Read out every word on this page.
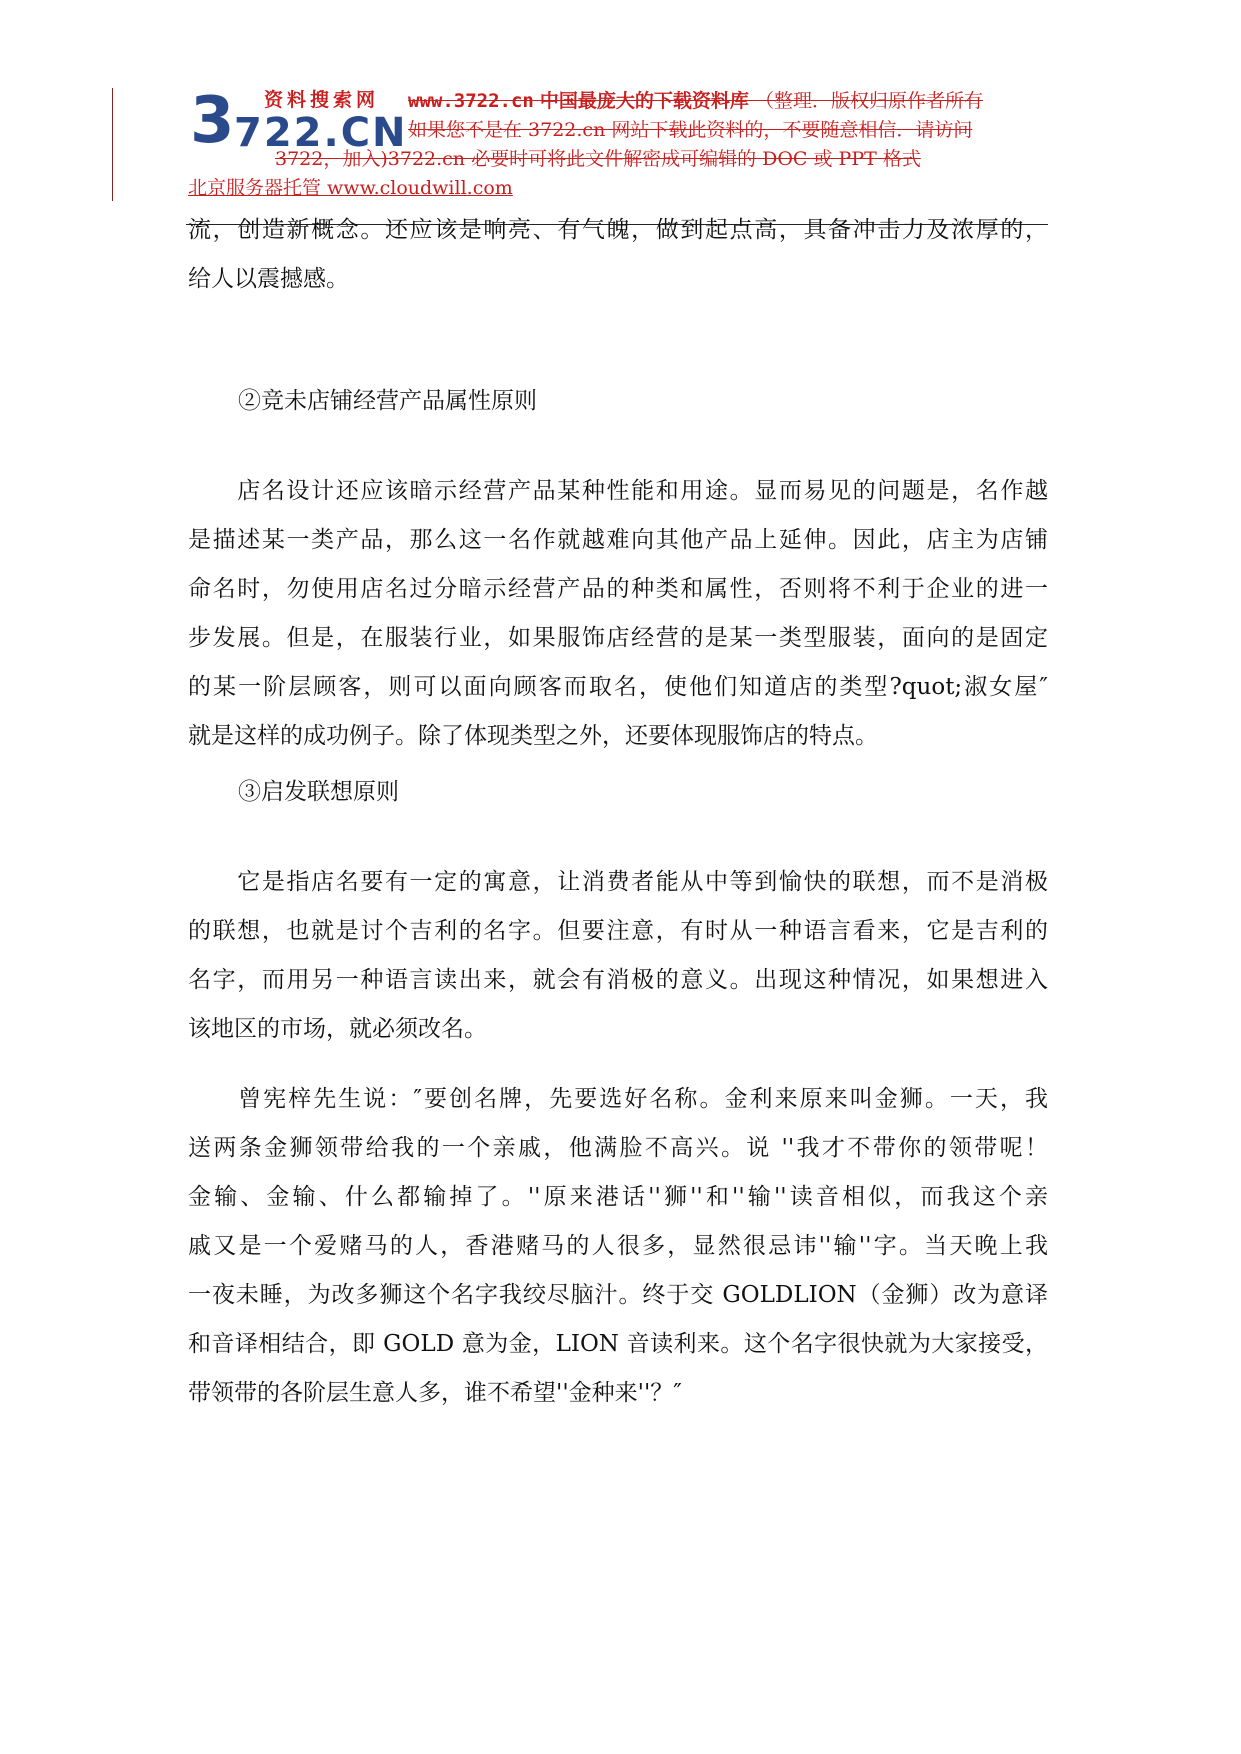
资料搜索网
3 722.CN
www.3722.cn 中国最庞大的下载资料库 （整理．版权归原作者所有
如果您不是在 3722.cn 网站下载此资料的，不要随意相信．请访问
3722，加入)3722.cn 必要时可将此文件解密成可编辑的 DOC 或 PPT 格式
北京服务器托管 www.cloudwill.com
流，创造新概念。还应该是响亮、有气魄，做到起点高，具备冲击力及浓厚的，
给人以震撼感。
②竞未店铺经营产品属性原则
　　店名设计还应该暗示经营产品某种性能和用途。显而易见的问题是，名作越
是描述某一类产品，那么这一名作就越难向其他产品上延伸。因此，店主为店铺
命名时，勿使用店名过分暗示经营产品的种类和属性，否则将不利于企业的进一
步发展。但是，在服装行业，如果服饰店经营的是某一类型服装，面向的是固定
的某一阶层顾客，则可以面向顾客而取名，使他们知道店的类型?quot;淑女屋″
就是这样的成功例子。除了体现类型之外，还要体现服饰店的特点。
③启发联想原则
　　它是指店名要有一定的寓意，让消费者能从中等到愉快的联想，而不是消极
的联想，也就是讨个吉利的名字。但要注意，有时从一种语言看来，它是吉利的
名字，而用另一种语言读出来，就会有消极的意义。出现这种情况，如果想进入
该地区的市场，就必须改名。
　　曾宪梓先生说：″要创名牌，先要选好名称。金利来原来叫金狮。一天，我
送两条金狮领带给我的一个亲戚，他满脸不高兴。说 ''我才不带你的领带呢！
金输、金输、什么都输掉了。''原来港话''狮''和''输''读音相似，而我这个亲
戚又是一个爱赌马的人，香港赌马的人很多，显然很忌讳''输''字。当天晚上我
一夜未睡，为改多狮这个名字我绞尽脑汁。终于交 GOLDLION（金狮）改为意译
和音译相结合，即 GOLD 意为金，LION 音读利来。这个名字很快就为大家接受，
带领带的各阶层生意人多，谁不希望''金种来''？″
